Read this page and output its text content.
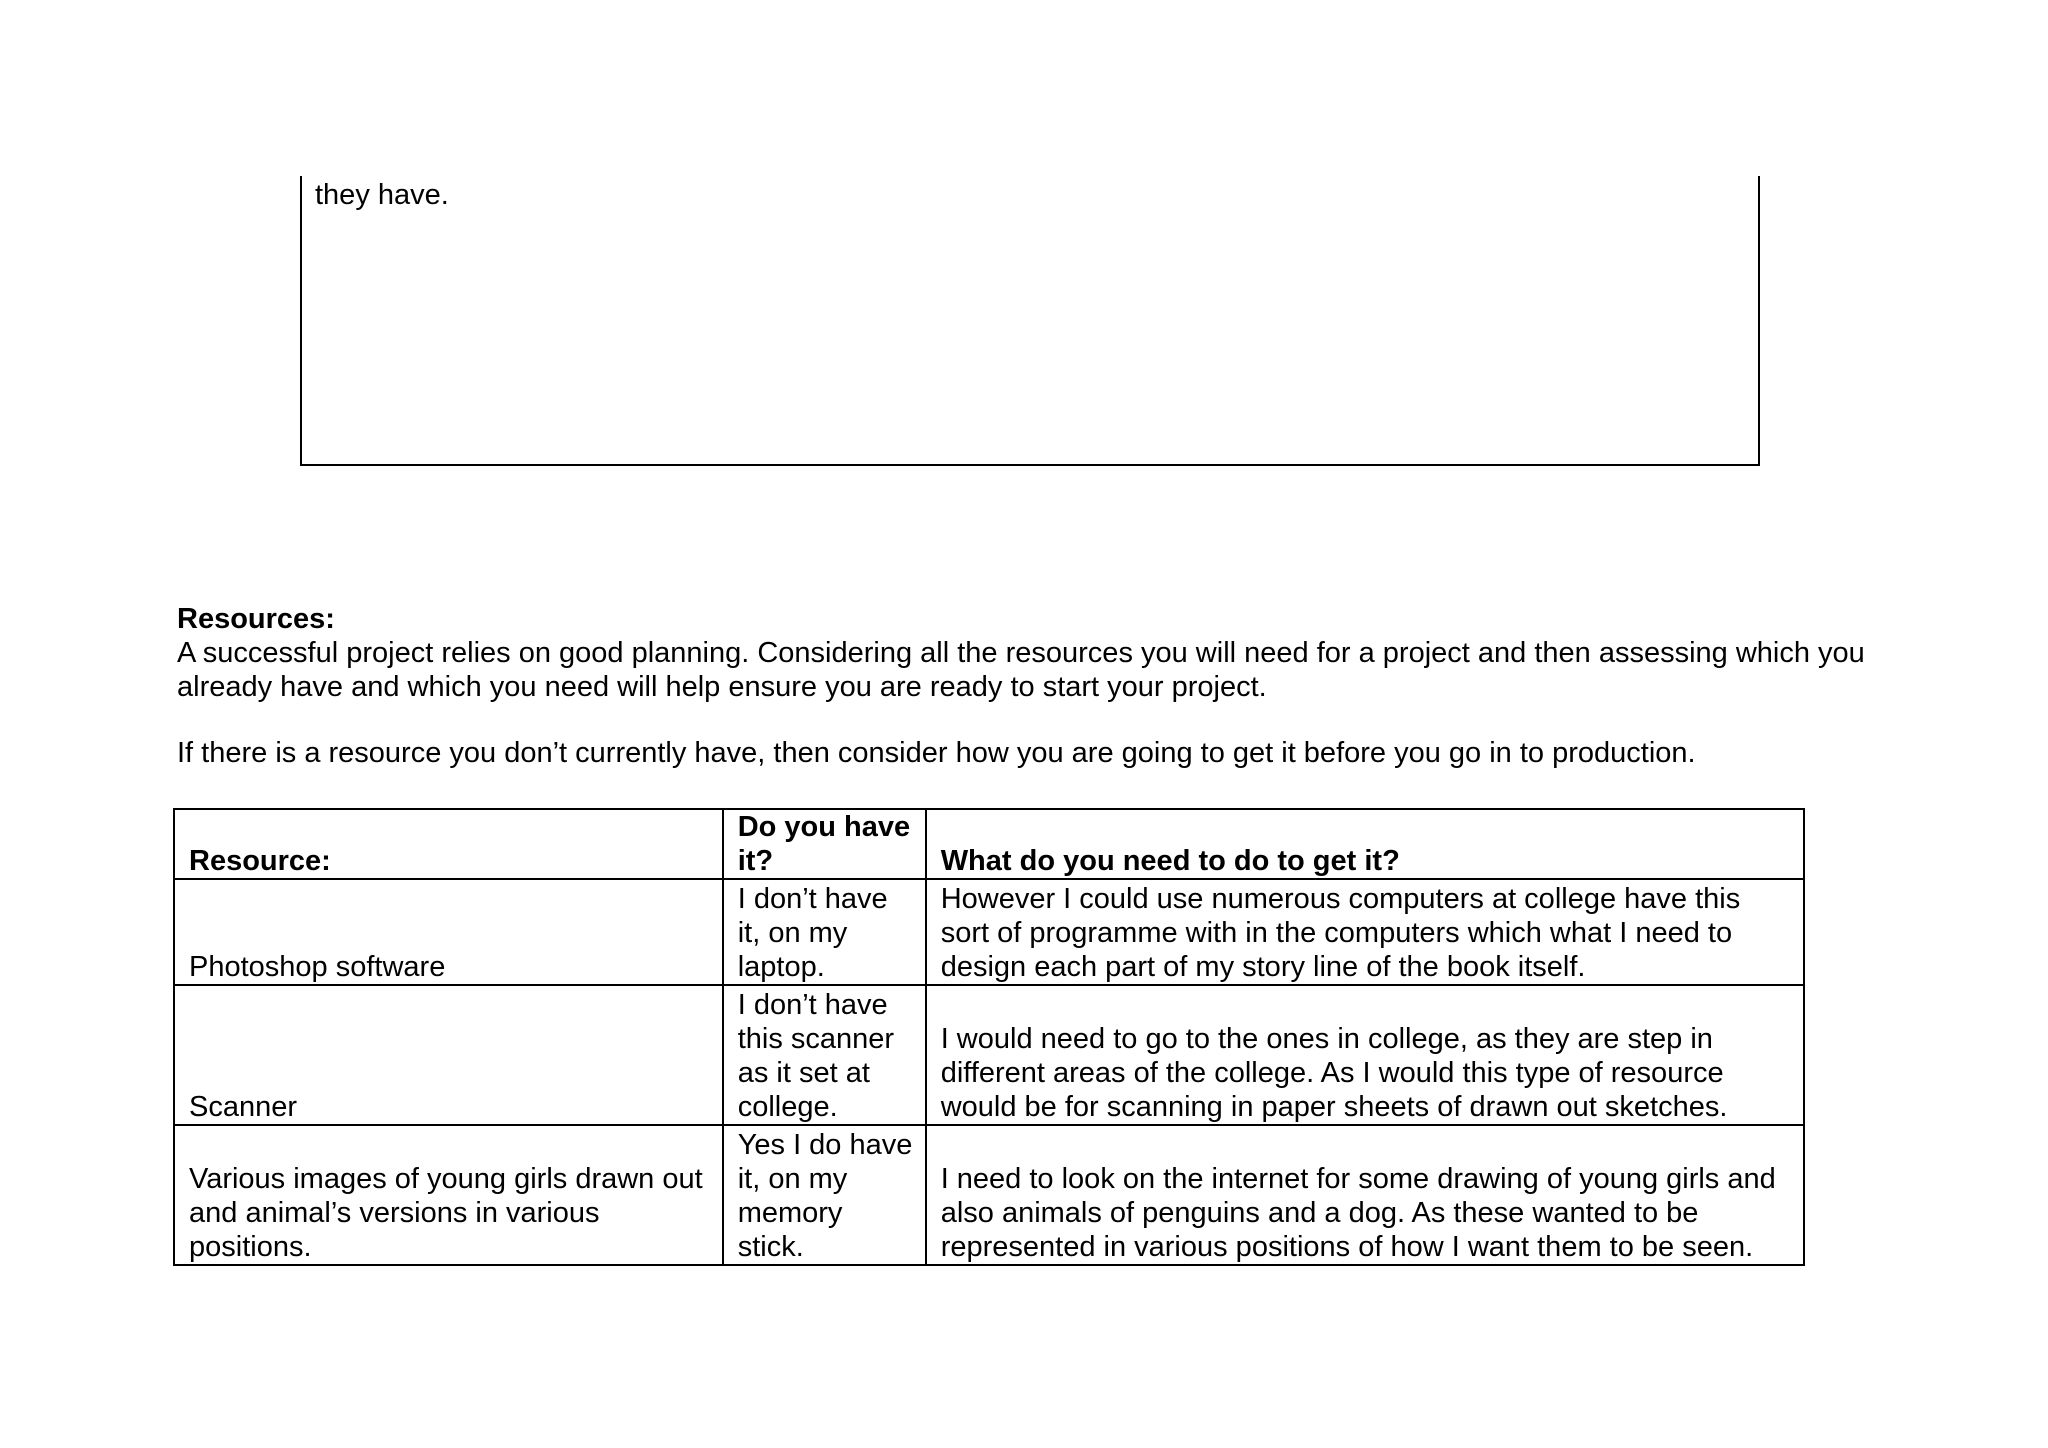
they have.

Resources:

A successful project relies on good planning. Considering all the resources you will need for a project and then assessing which you already have and which you need will help ensure you are ready to start your project.

If there is a resource you don’t currently have, then consider how you are going to get it before you go in to production.

Resource:	Do you have it?	What do you need to do to get it?
Photoshop software	I don’t have it, on my laptop.	However I could use numerous computers at college have this sort of programme with in the computers which what I need to design each part of my story line of the book itself.
Scanner	I don’t have this scanner as it set at college.	I would need to go to the ones in college, as they are step in different areas of the college. As I would this type of resource would be for scanning in paper sheets of drawn out sketches.
Various images of young girls drawn out and animal’s versions in various positions.	Yes I do have it, on my memory stick.	I need to look on the internet for some drawing of young girls and also animals of penguins and a dog. As these wanted to be represented in various positions of how I want them to be seen.
